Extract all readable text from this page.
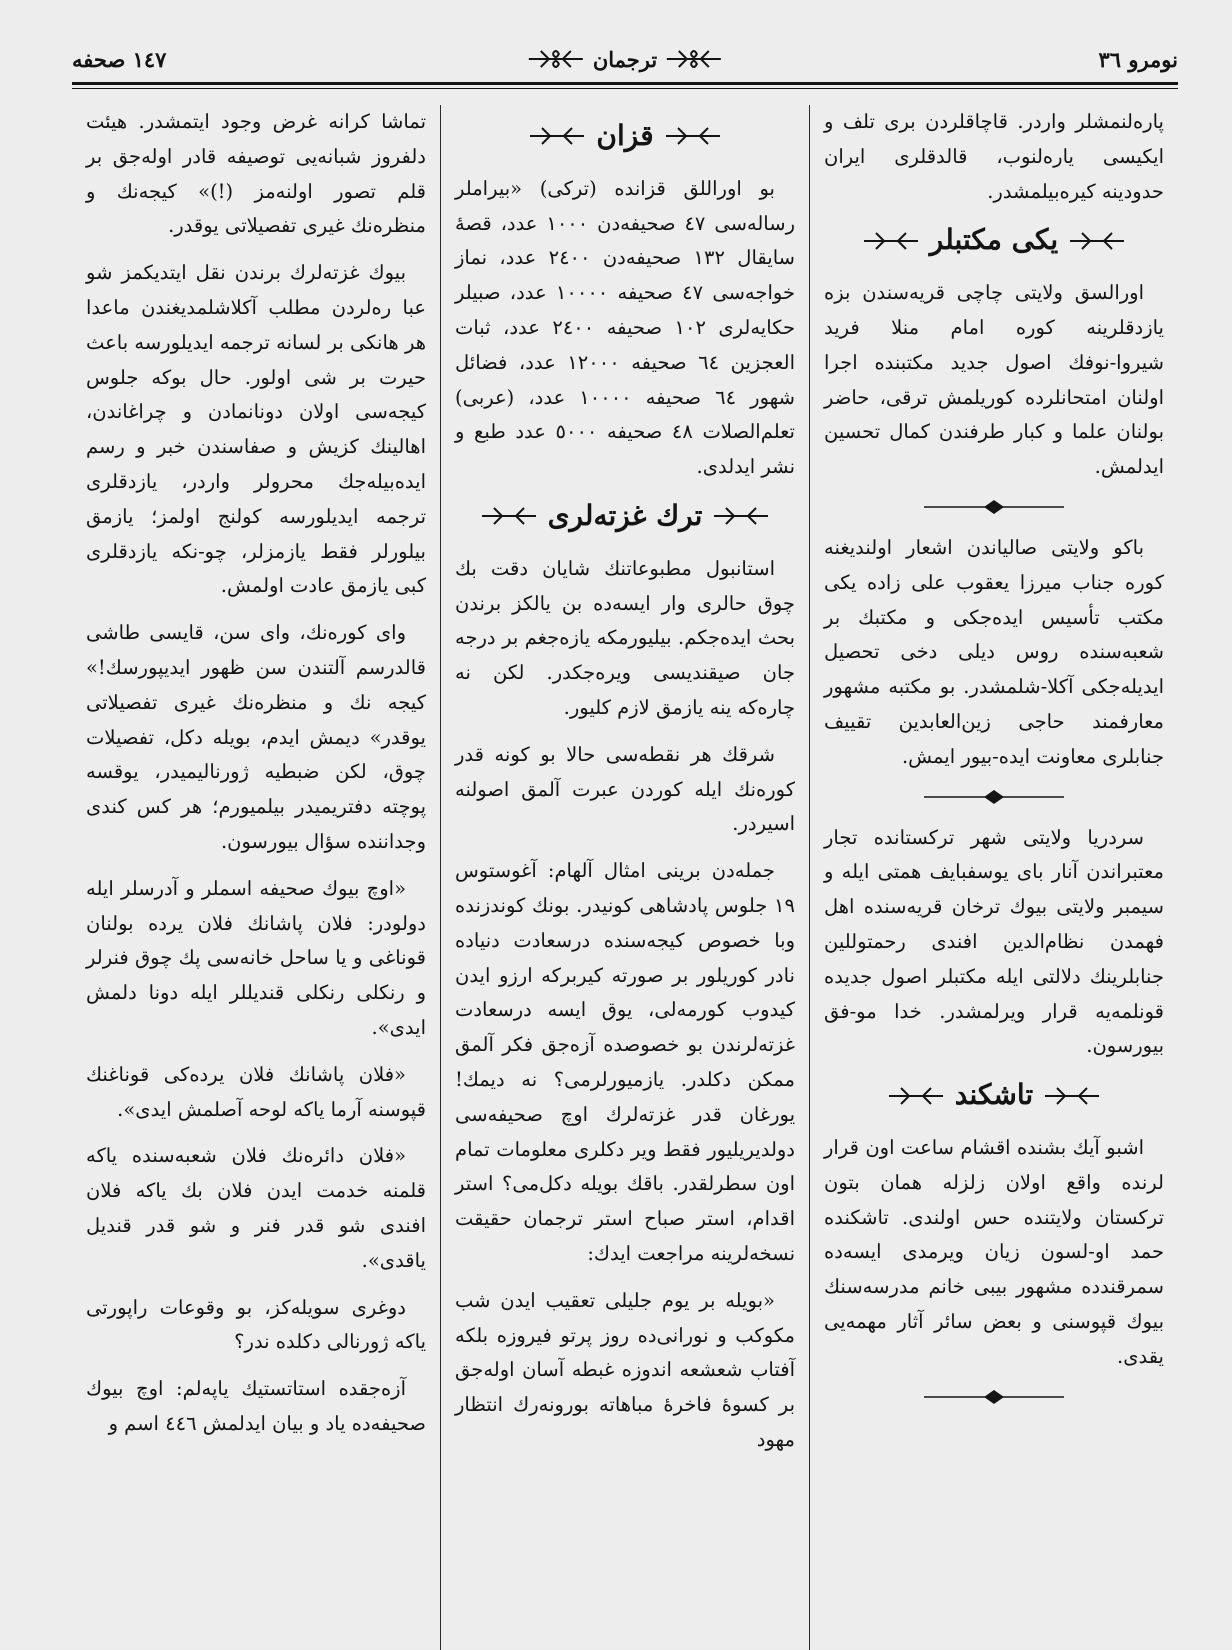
نومرو ٣٦
ترجمان
١٤٧ صحفه

پاره‌لنمشلر واردر. قاچاقلردن بری تلف و ایکیسی یاره‌لنوب، قالدقلری ایران حدودینه کیره‌بیلمشدر.

یکی مکتبلر

اورالسق ولایتی چاچی قریه‌سندن بزه یازدقلرینه کوره امام منلا فرید شیروا‑نوفك اصول جدید مکتبنده اجرا اولنان امتحانلرده کوریلمش ترقی، حاضر بولنان علما و کبار طرفندن کمال تحسین ایدلمش.

باکو ولایتی صالیاندن اشعار اولندیغنه کوره جناب میرزا یعقوب علی زاده یکی مکتب تأسیس ایده‌جکی و مکتبك بر شعبه‌سنده روس دیلی دخی تحصیل ایدیله‌جکی آکلا‑شلمشدر. بو مکتبه مشهور معارفمند حاجی زین‌العابدین تقییف جنابلری معاونت ایده‑بیور ایمش.

سردریا ولایتی شهر ترکستانده تجار معتبراندن آنار بای یوسفبایف همتی ایله و سیمبر ولایتی بیوك ترخان قریه‌سنده اهل فهمدن نظام‌الدین افندی رحمتوللین جنابلرینك دلالتی ایله مکتبلر اصول جدیده قونلمه‌یه قرار ویرلمشدر. خدا مو‑فق بیورسون.

تاشکند

اشبو آیك بشنده اقشام ساعت اون قرار لرنده واقع اولان زلزله همان بتون ترکستان ولایتنده حس اولندی. تاشکنده حمد او‑لسون زیان ویرمدی ایسه‌ده سمرقندده مشهور بیبی خانم مدرسه‌سنك بیوك قپوسنی و بعض سائر آثار مهمه‌یی یقدی.

قزان

بو اوراللق قزانده (ترکی) «بیراملر رساله‌سی ٤٧ صحیفه‌دن ١٠٠٠ عدد، قصهٔ سایقال ١٣٢ صحیفه‌دن ٢٤٠٠ عدد، نماز خواجه‌سی ٤٧ صحیفه ١٠٠٠٠ عدد، صبیلر حکایه‌لری ١٠٢ صحیفه ٢٤٠٠ عدد، ثبات العجزین ٦٤ صحیفه ١٢٠٠٠ عدد، فضائل شهور ٦٤ صحیفه ١٠٠٠٠ عدد، (عربی) تعلم‌الصلات ٤٨ صحیفه ٥٠٠٠ عدد طبع و نشر ایدلدی.

ترك غزته‌لری

استانبول مطبوعاتنك شایان دقت بك چوق حالری وار ایسه‌ده بن یالکز برندن بحث ایده‌جکم. بیلیورمکه یازه‌جغم بر درجه جان صیقندیسی ویره‌جکدر. لکن نه چاره‌که ینه یازمق لازم کلیور.

شرقك هر نقطه‌سی حالا بو کونه قدر کوره‌نك ایله کوردن عبرت آلمق اصولنه اسیردر.

جمله‌دن برینی امثال آلهام: آغوستوس ١٩ جلوس پادشاهی کونیدر. بونك کوندزنده وبا خصوص کیجه‌سنده درسعادت دنیاده نادر کوریلور بر صورته کیربرکه ارزو ایدن کیدوب کورمه‌لی، یوق ایسه درسعادت غزته‌لرندن بو خصوصده آزه‌جق فکر آلمق ممکن دکلدر. یازمیورلرمی؟ نه دیمك! یورغان قدر غزته‌لرك اوچ صحیفه‌سی دولدیریلیور فقط ویر دکلری معلومات تمام اون سطرلقدر. باقك بویله دکل‌می؟ استر اقدام، استر صباح استر ترجمان حقیقت نسخه‌لرینه مراجعت ایدك:

«بویله بر یوم جلیلی تعقیب ایدن شب مکوکب و نورانی‌ده روز پرتو فیروزه بلکه آفتاب شعشعه اندوزه غبطه آسان اوله‌جق بر کسوهٔ فاخرهٔ مباهاته بورونه‌رك انتظار مهود

تماشا کرانه غرض وجود ایتمشدر. هیئت دلفروز شبانه‌یی توصیفه قادر اوله‌جق بر قلم تصور اولنه‌مز (!)» کیجه‌نك و منظره‌نك غیری تفصیلاتی یوقدر.

بیوك غزته‌لرك برندن نقل ایتدیکمز شو عبا ره‌لردن مطلب آکلاشلمدیغندن ماعدا هر هانکی بر لسانه ترجمه ایدیلورسه باعث حیرت بر شی اولور. حال بوکه جلوس کیجه‌سی اولان دونانمادن و چراغاندن، اهالینك کزیش و صفاسندن خبر و رسم ایده‌بیله‌جك محرولر واردر، یازدقلری ترجمه ایدیلورسه کولنج اولمز؛ یازمق بیلورلر فقط یازمزلر، چو‑نکه یازدقلری کبی یازمق عادت اولمش.

وای کوره‌نك، وای سن، قایسی طاشی قالدرسم آلتندن سن ظهور ایدیپورسك!» کیجه نك و منظره‌نك غیری تفصیلاتی یوقدر» دیمش ایدم، بویله دکل، تفصیلات چوق، لکن ضبطیه ژورنالیمیدر، یوقسه پوچته دفتریمیدر بیلمیورم؛ هر کس کندی وجداننده سؤال بیورسون.

«اوچ بیوك صحیفه اسملر و آدرسلر ایله دولودر: فلان پاشانك فلان یرده بولنان قوناغی و یا ساحل خانه‌سی پك چوق فنرلر و رنکلی رنکلی قندیللر ایله دونا دلمش ایدی».

«فلان پاشانك فلان یرده‌کی قوناغنك قپوسنه آرما یاکه لوحه آصلمش ایدی».

«فلان دائره‌نك فلان شعبه‌سنده یاکه قلمنه خدمت ایدن فلان بك یاکه فلان افندی شو قدر فنر و شو قدر قندیل یاقدی».

دوغری سویله‌کز، بو وقوعات راپورتی یاکه ژورنالی دکلده ندر؟

آزه‌جقده استاتستیك یاپه‌لم: اوچ بیوك صحیفه‌ده یاد و بیان ایدلمش ٤٤٦ اسم و
